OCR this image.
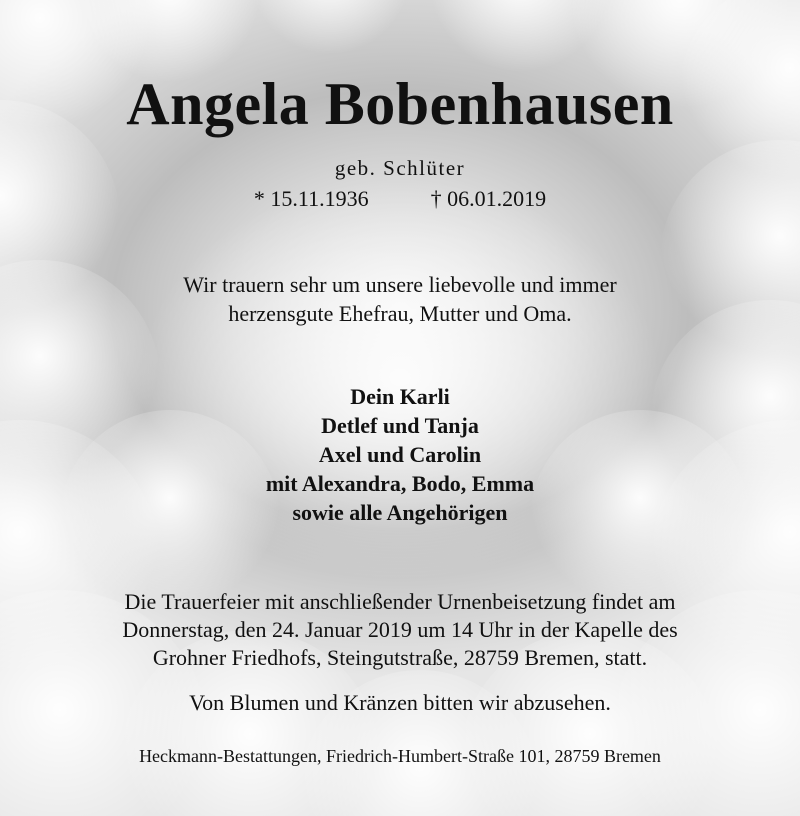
Angela Bobenhausen
geb. Schlüter
* 15.11.1936	† 06.01.2019
Wir trauern sehr um unsere liebevolle und immer
herzensgute Ehefrau, Mutter und Oma.
Dein Karli
Detlef und Tanja
Axel und Carolin
mit Alexandra, Bodo, Emma
sowie alle Angehörigen
Die Trauerfeier mit anschließender Urnenbeisetzung findet am
Donnerstag, den 24. Januar 2019 um 14 Uhr in der Kapelle des
Grohner Friedhofs, Steingutstraße, 28759 Bremen, statt.
Von Blumen und Kränzen bitten wir abzusehen.
Heckmann-Bestattungen, Friedrich-Humbert-Straße 101, 28759 Bremen
